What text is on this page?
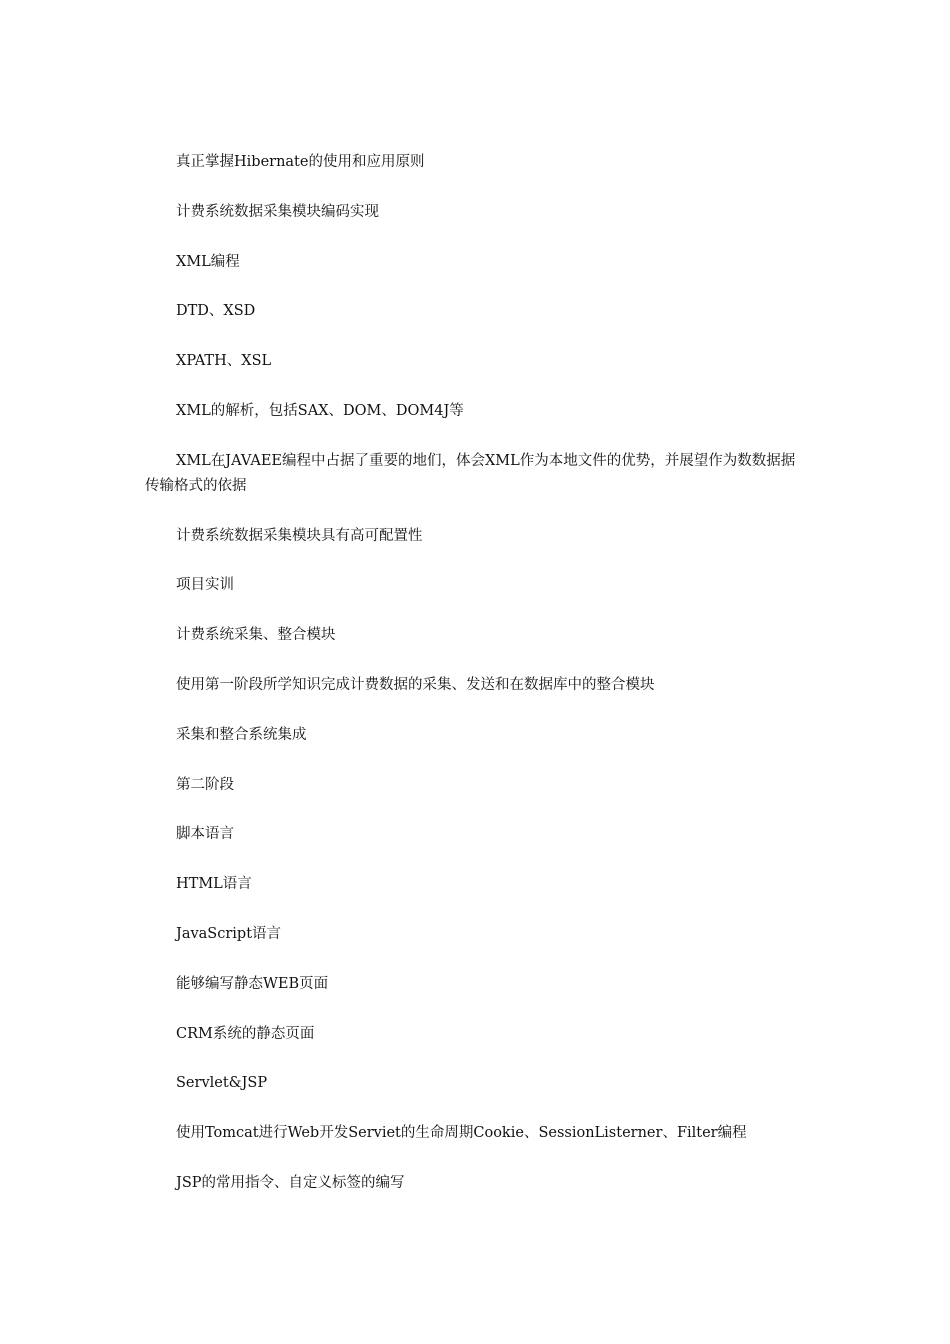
真正掌握Hibernate的使用和应用原则

计费系统数据采集模块编码实现

XML编程

DTD、XSD

XPATH、XSL

XML的解析，包括SAX、DOM、DOM4J等

XML在JAVAEE编程中占据了重要的地们，体会XML作为本地文件的优势，并展望作为数数据据传输格式的依据

计费系统数据采集模块具有高可配置性

项目实训

计费系统采集、整合模块

使用第一阶段所学知识完成计费数据的采集、发送和在数据库中的整合模块

采集和整合系统集成

第二阶段

脚本语言

HTML语言

JavaScript语言

能够编写静态WEB页面

CRM系统的静态页面

Servlet&JSP

使用Tomcat进行Web开发Serviet的生命周期Cookie、SessionListerner、Filter编程

JSP的常用指令、自定义标签的编写
